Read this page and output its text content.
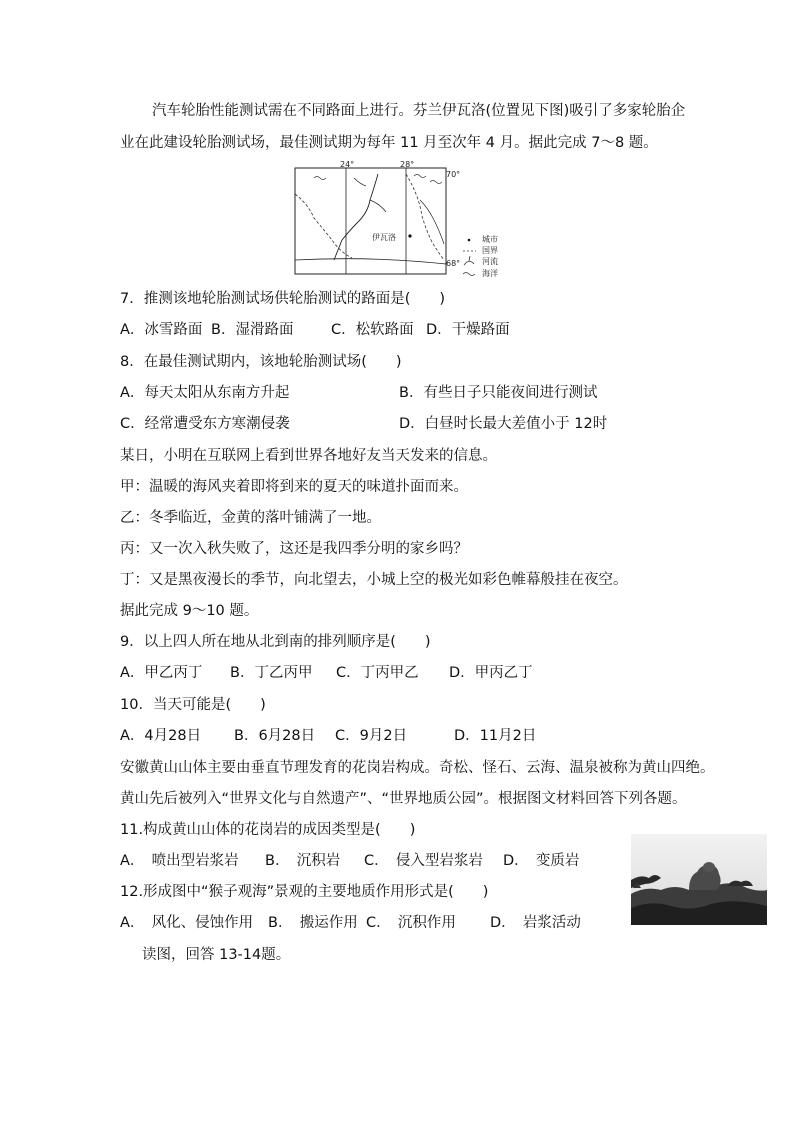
汽车轮胎性能测试需在不同路面上进行。芬兰伊瓦洛(位置见下图)吸引了多家轮胎企
业在此建设轮胎测试场，最佳测试期为每年 11 月至次年 4 月。据此完成 7～8 题。
24°	28°
70°
68°
伊瓦洛	城市
国界
河流
海洋
7．推测该地轮胎测试场供轮胎测试的路面是(　　)
A．冰雪路面 B．湿滑路面	C．松软路面 D．干燥路面
8．在最佳测试期内，该地轮胎测试场(　　)
A．每天太阳从东南方升起	B．有些日子只能夜间进行测试
C．经常遭受东方寒潮侵袭	D．白昼时长最大差值小于 12时
某日，小明在互联网上看到世界各地好友当天发来的信息。
甲：温暖的海风夹着即将到来的夏天的味道扑面而来。
乙：冬季临近，金黄的落叶铺满了一地。
丙：又一次入秋失败了，这还是我四季分明的家乡吗？
丁：又是黑夜漫长的季节，向北望去，小城上空的极光如彩色帷幕般挂在夜空。
据此完成 9～10 题。
9．以上四人所在地从北到南的排列顺序是(　　)
A．甲乙丙丁 B．丁乙丙甲 C．丁丙甲乙 D．甲丙乙丁
10．当天可能是(　　)
A．4月28日 B．6月28日 C．9月2日	D．11月2日
安徽黄山山体主要由垂直节理发育的花岗岩构成。奇松、怪石、云海、温泉被称为黄山四绝。
黄山先后被列入“世界文化与自然遗产”、“世界地质公园”。根据图文材料回答下列各题。
11.构成黄山山体的花岗岩的成因类型是(　　)
A．　喷出型岩浆岩 B．　沉积岩 C．　侵入型岩浆岩 D．　变质岩
12.形成图中“猴子观海”景观的主要地质作用形式是(　　)
A．　风化、侵蚀作用 B．　搬运作用 C．　沉积作用 D．　岩浆活动
读图，回答 13-14题。
